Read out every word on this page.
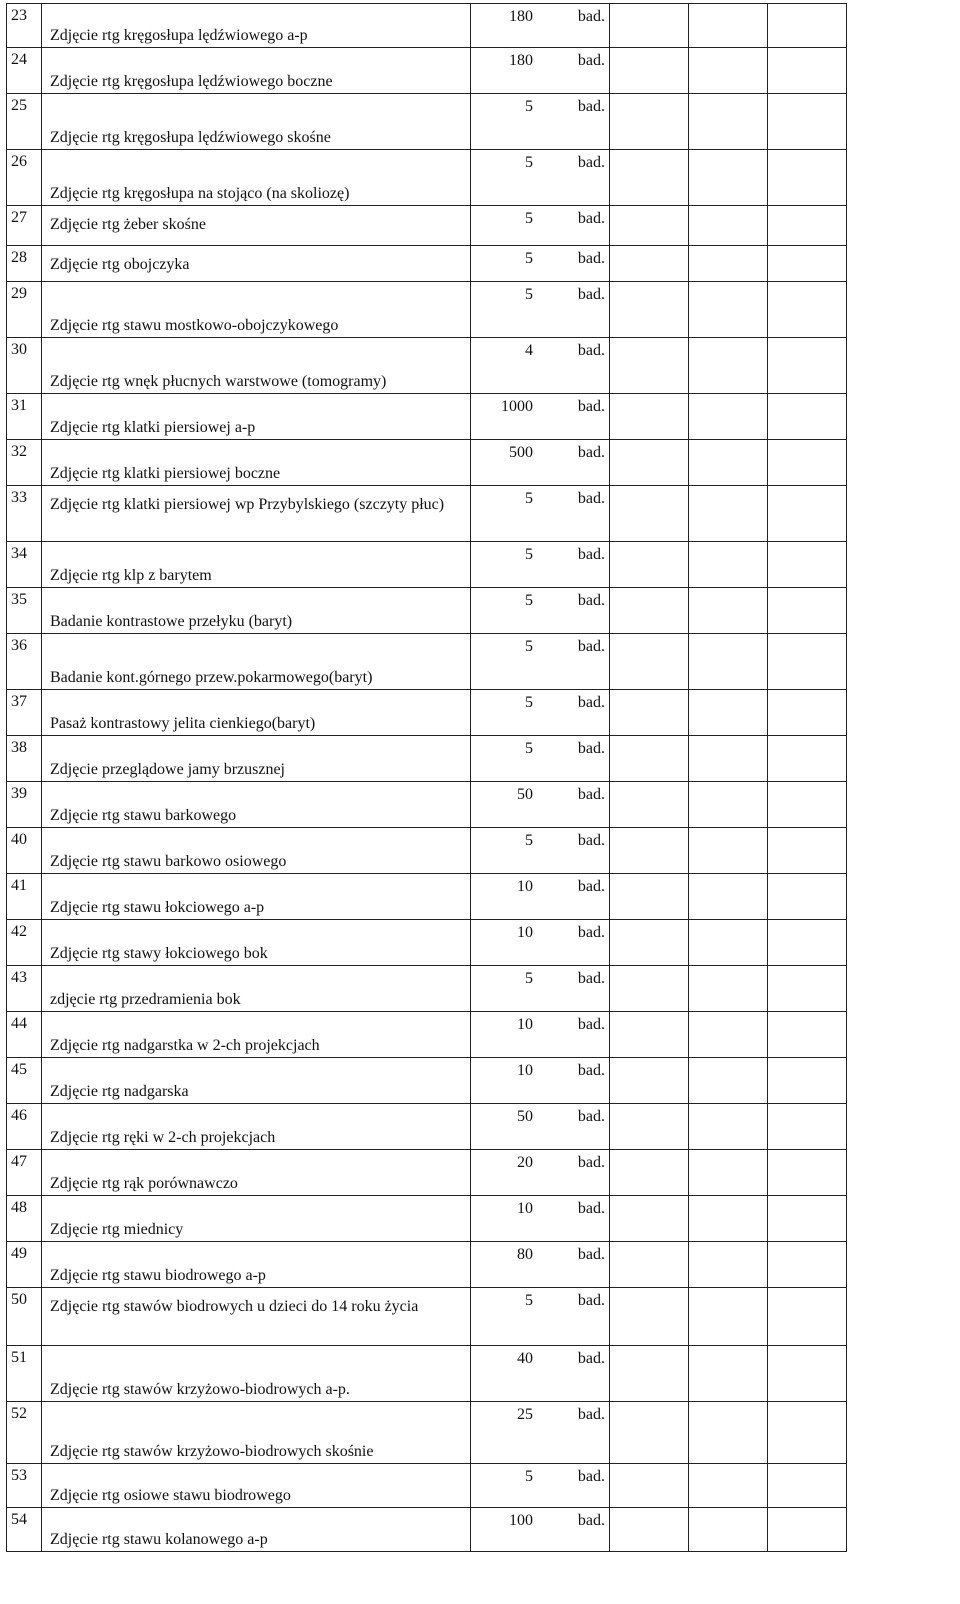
23	Zdjęcie rtg kręgosłupa lędźwiowego a-p	180 bad.			

24	Zdjęcie rtg kręgosłupa lędźwiowego boczne	180 bad.			

25	Zdjęcie rtg kręgosłupa lędźwiowego skośne	5 bad.			

26	Zdjęcie rtg kręgosłupa na stojąco (na skoliozę)	5 bad.			

27	Zdjęcie rtg żeber skośne	5 bad.			

28	Zdjęcie rtg obojczyka	5 bad.			

29	Zdjęcie rtg stawu mostkowo-obojczykowego	5 bad.			

30	Zdjęcie rtg wnęk płucnych warstwowe (tomogramy)	4 bad.			

31	Zdjęcie rtg klatki piersiowej a-p	1000 bad.			

32	Zdjęcie rtg klatki piersiowej boczne	500 bad.			

33	Zdjęcie rtg klatki piersiowej wp Przybylskiego (szczyty płuc)	5 bad.			

34	Zdjęcie rtg klp z barytem	5 bad.			

35	Badanie kontrastowe przełyku (baryt)	5 bad.			

36	Badanie kont.górnego przew.pokarmowego(baryt)	5 bad.			

37	Pasaż kontrastowy jelita cienkiego(baryt)	5 bad.			

38	Zdjęcie przeglądowe jamy brzusznej	5 bad.			

39	Zdjęcie rtg stawu barkowego	50 bad.			

40	Zdjęcie rtg stawu barkowo osiowego	5 bad.			

41	Zdjęcie rtg stawu łokciowego a-p	10 bad.			

42	Zdjęcie rtg stawy łokciowego bok	10 bad.			

43	zdjęcie rtg przedramienia bok	5 bad.			

44	Zdjęcie rtg nadgarstka w 2-ch projekcjach	10 bad.			

45	Zdjęcie rtg nadgarska	10 bad.			

46	Zdjęcie rtg ręki w 2-ch projekcjach	50 bad.			

47	Zdjęcie rtg rąk porównawczo	20 bad.			

48	Zdjęcie rtg miednicy	10 bad.			

49	Zdjęcie rtg stawu biodrowego a-p	80 bad.			

50	Zdjęcie rtg stawów biodrowych u dzieci do 14 roku życia	5 bad.			

51	Zdjęcie rtg stawów krzyżowo-biodrowych a-p.	40 bad.			

52	Zdjęcie rtg stawów krzyżowo-biodrowych skośnie	25 bad.			

53	Zdjęcie rtg osiowe stawu biodrowego	5 bad.			

54	Zdjęcie rtg stawu kolanowego a-p	100 bad.			
